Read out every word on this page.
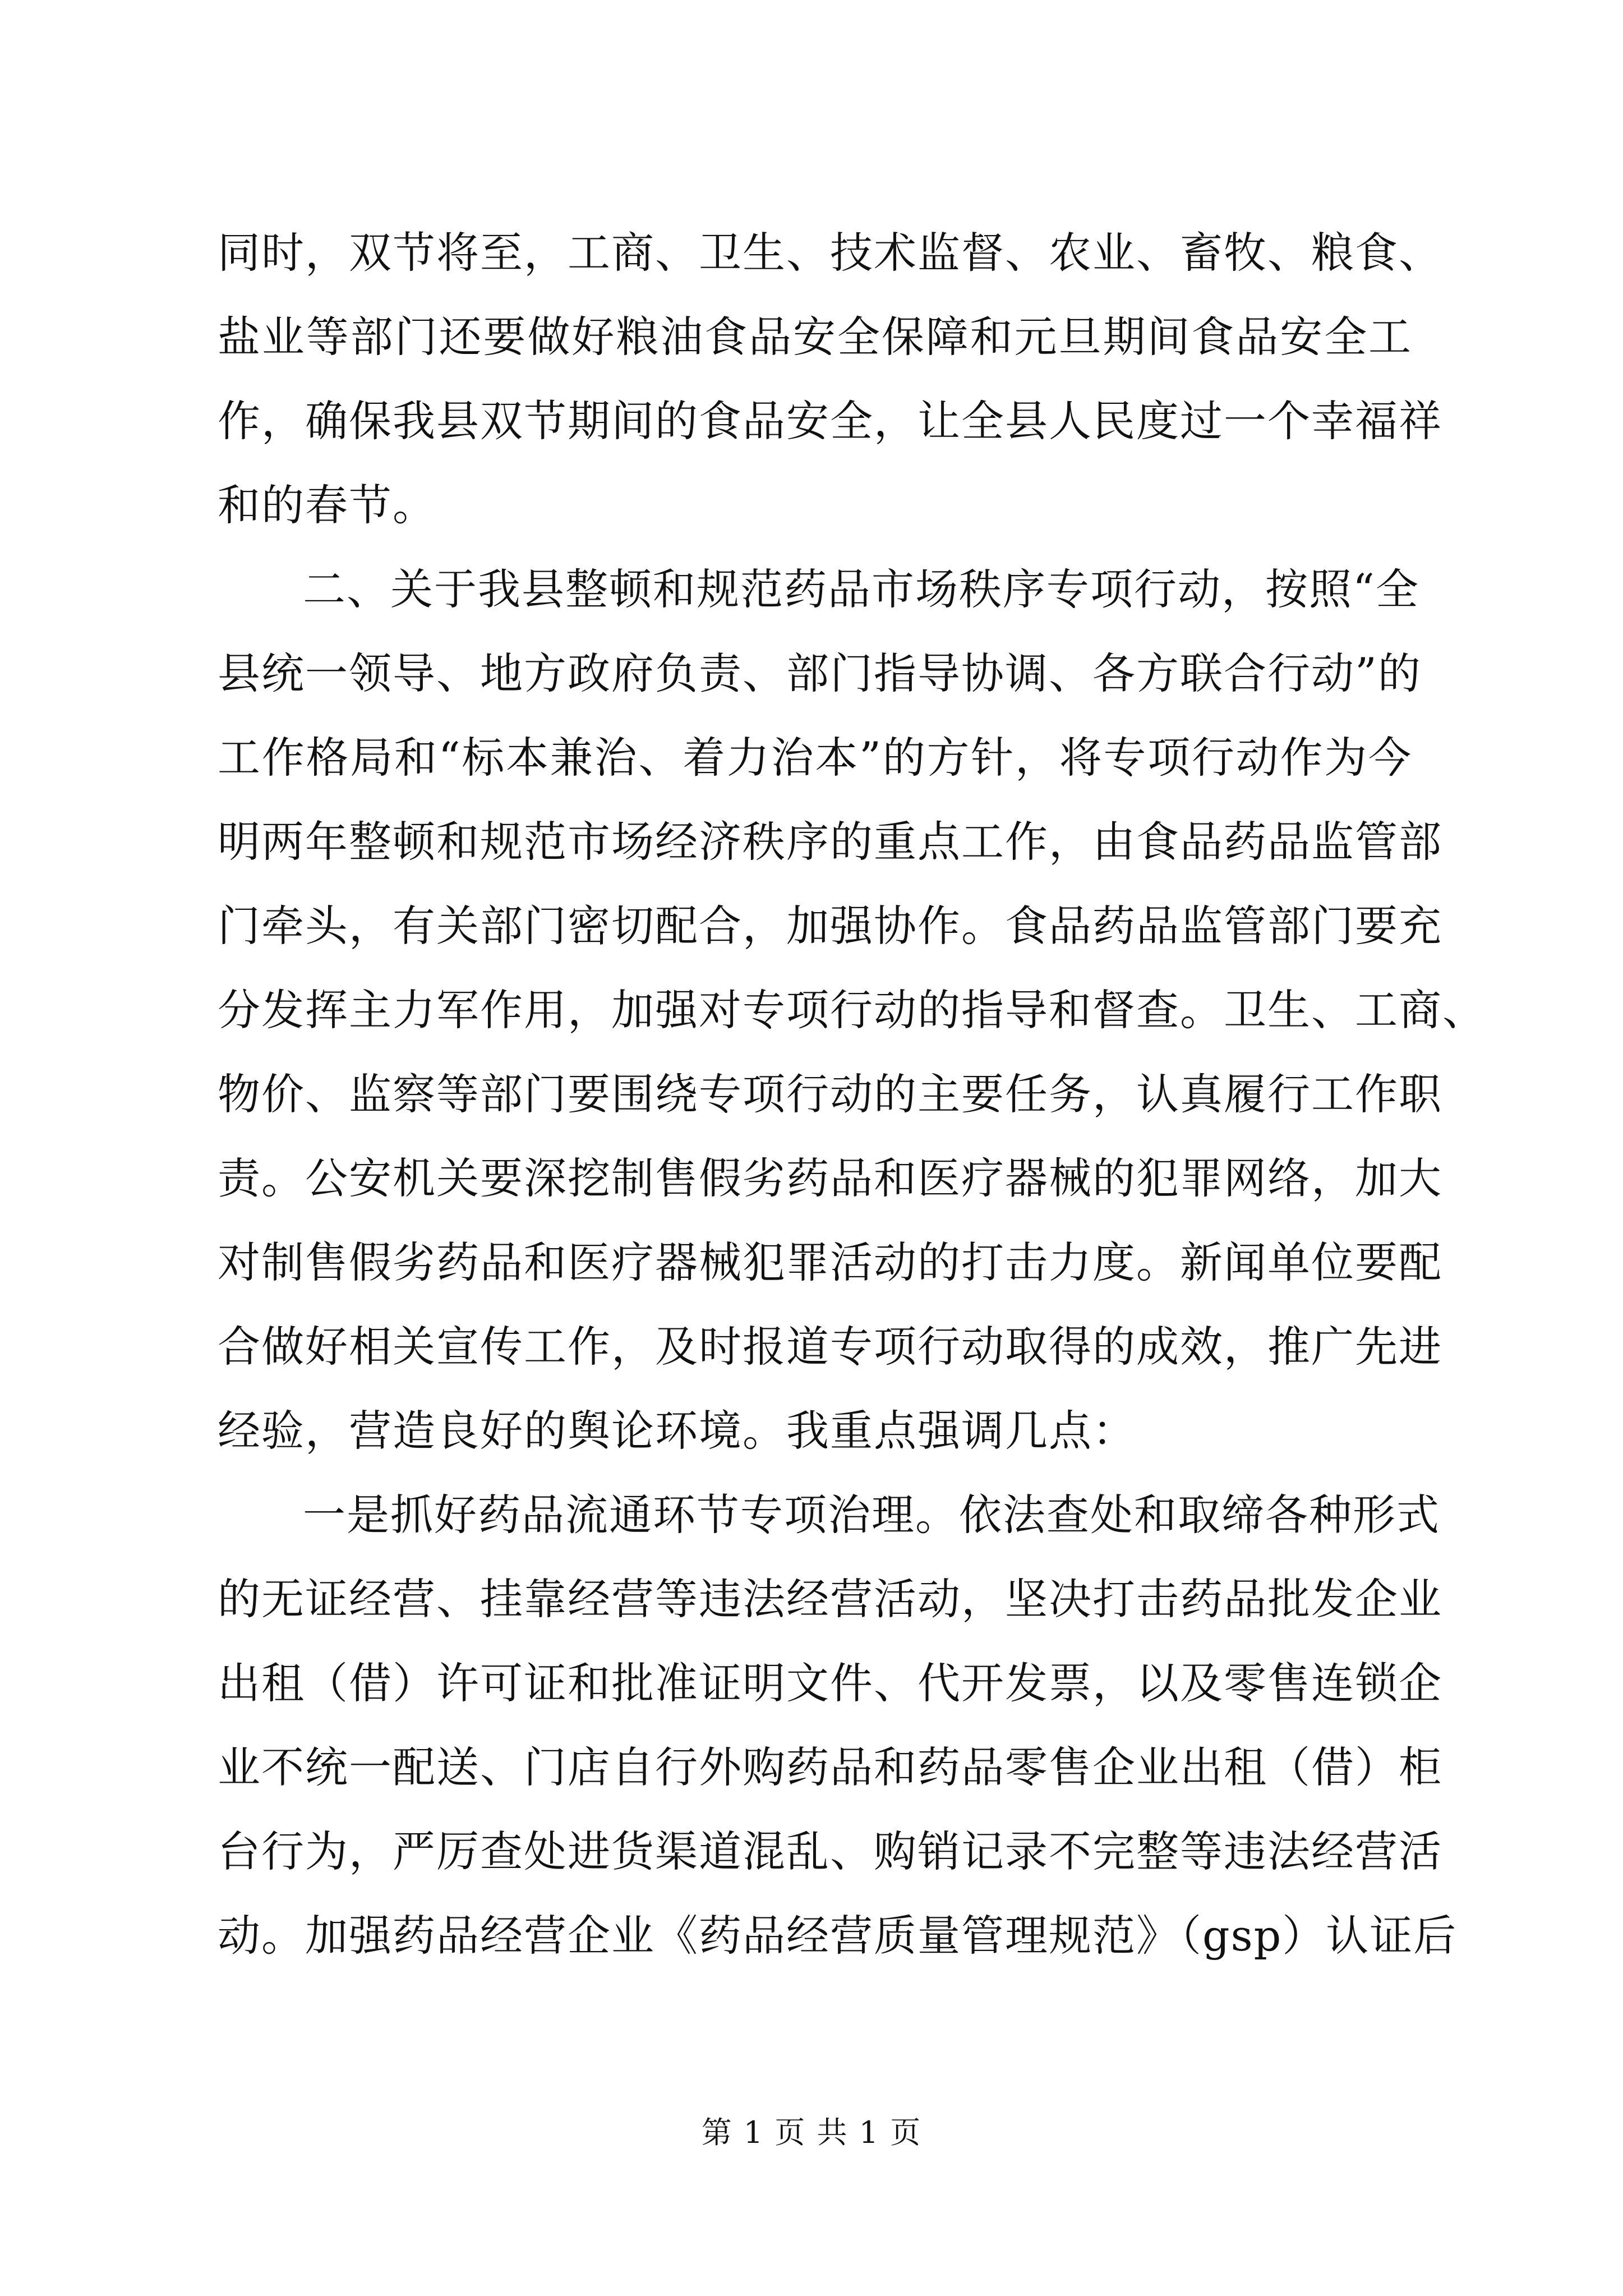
同时，双节将至，工商、卫生、技术监督、农业、畜牧、粮食、
盐业等部门还要做好粮油食品安全保障和元旦期间食品安全工
作，确保我县双节期间的食品安全，让全县人民度过一个幸福祥
和的春节。
二、关于我县整顿和规范药品市场秩序专项行动，按照“全
县统一领导、地方政府负责、部门指导协调、各方联合行动”的
工作格局和“标本兼治、着力治本”的方针，将专项行动作为今
明两年整顿和规范市场经济秩序的重点工作，由食品药品监管部
门牵头，有关部门密切配合，加强协作。食品药品监管部门要充
分发挥主力军作用，加强对专项行动的指导和督查。卫生、工商、
物价、监察等部门要围绕专项行动的主要任务，认真履行工作职
责。公安机关要深挖制售假劣药品和医疗器械的犯罪网络，加大
对制售假劣药品和医疗器械犯罪活动的打击力度。新闻单位要配
合做好相关宣传工作，及时报道专项行动取得的成效，推广先进
经验，营造良好的舆论环境。我重点强调几点：
一是抓好药品流通环节专项治理。依法查处和取缔各种形式
的无证经营、挂靠经营等违法经营活动，坚决打击药品批发企业
出租（借）许可证和批准证明文件、代开发票，以及零售连锁企
业不统一配送、门店自行外购药品和药品零售企业出租（借）柜
台行为，严厉查处进货渠道混乱、购销记录不完整等违法经营活
动。加强药品经营企业《药品经营质量管理规范》（gsp）认证后
第 1 页 共 1 页
